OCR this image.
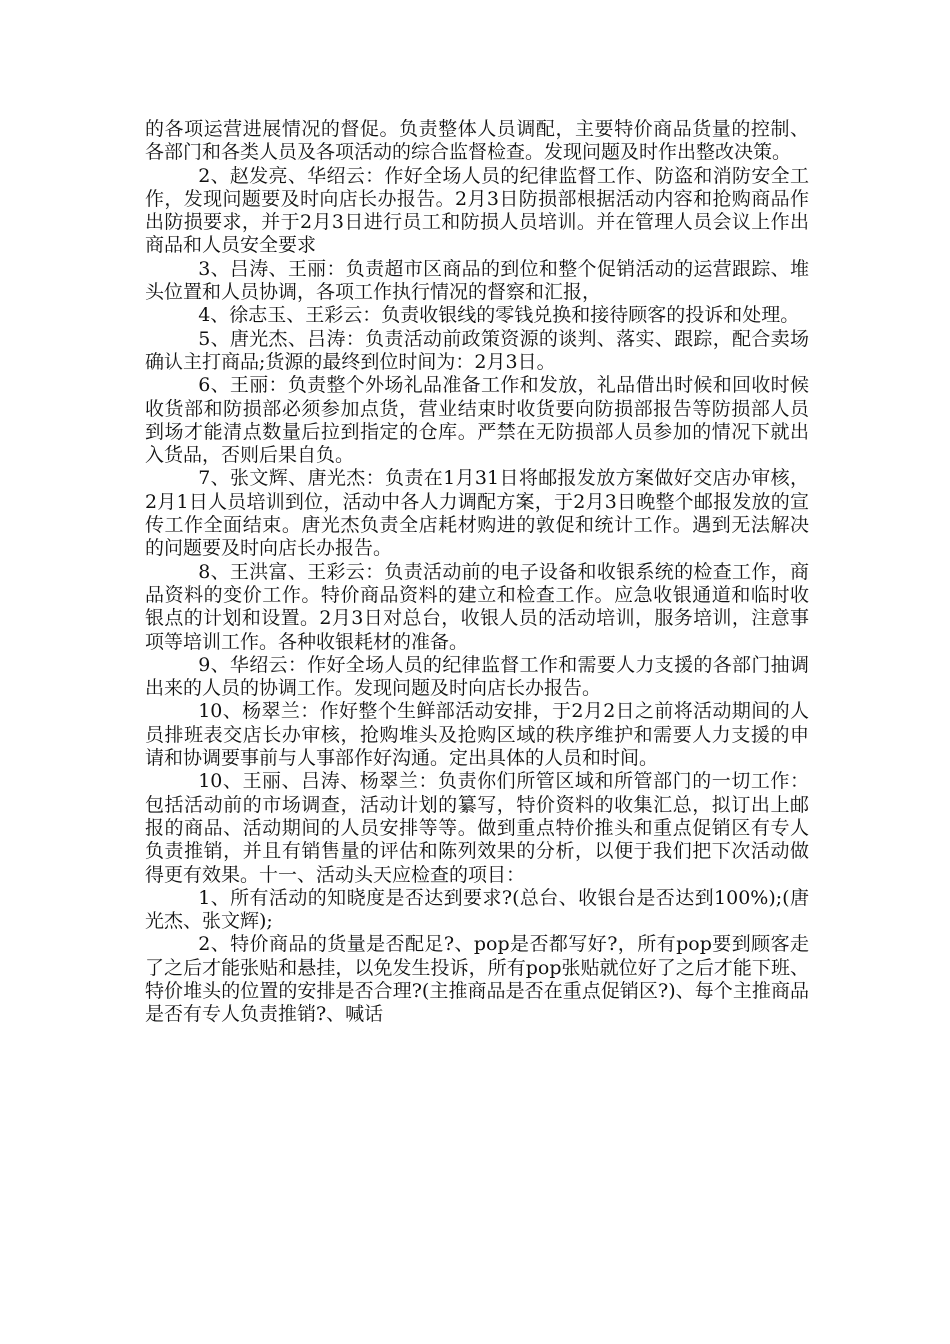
的各项运营进展情况的督促。负责整体人员调配，主要特价商品货量的控制、各部门和各类人员及各项活动的综合监督检查。发现问题及时作出整改决策。

2、赵发亮、华绍云：作好全场人员的纪律监督工作、防盗和消防安全工作，发现问题要及时向店长办报告。2月3日防损部根据活动内容和抢购商品作出防损要求，并于2月3日进行员工和防损人员培训。并在管理人员会议上作出商品和人员安全要求

3、吕涛、王丽：负责超市区商品的到位和整个促销活动的运营跟踪、堆头位置和人员协调，各项工作执行情况的督察和汇报，

4、徐志玉、王彩云：负责收银线的零钱兑换和接待顾客的投诉和处理。

5、唐光杰、吕涛：负责活动前政策资源的谈判、落实、跟踪，配合卖场确认主打商品;货源的最终到位时间为：2月3日。

6、王丽：负责整个外场礼品准备工作和发放，礼品借出时候和回收时候收货部和防损部必须参加点货，营业结束时收货要向防损部报告等防损部人员到场才能清点数量后拉到指定的仓库。严禁在无防损部人员参加的情况下就出入货品，否则后果自负。

7、张文辉、唐光杰：负责在1月31日将邮报发放方案做好交店办审核，2月1日人员培训到位，活动中各人力调配方案，于2月3日晚整个邮报发放的宣传工作全面结束。唐光杰负责全店耗材购进的敦促和统计工作。遇到无法解决的问题要及时向店长办报告。

8、王洪富、王彩云：负责活动前的电子设备和收银系统的检查工作，商品资料的变价工作。特价商品资料的建立和检查工作。应急收银通道和临时收银点的计划和设置。2月3日对总台，收银人员的活动培训，服务培训，注意事项等培训工作。各种收银耗材的准备。

9、华绍云：作好全场人员的纪律监督工作和需要人力支援的各部门抽调出来的人员的协调工作。发现问题及时向店长办报告。

10、杨翠兰：作好整个生鲜部活动安排，于2月2日之前将活动期间的人员排班表交店长办审核，抢购堆头及抢购区域的秩序维护和需要人力支援的申请和协调要事前与人事部作好沟通。定出具体的人员和时间。

10、王丽、吕涛、杨翠兰：负责你们所管区域和所管部门的一切工作：包括活动前的市场调查，活动计划的纂写，特价资料的收集汇总，拟订出上邮报的商品、活动期间的人员安排等等。做到重点特价推头和重点促销区有专人负责推销，并且有销售量的评估和陈列效果的分析，以便于我们把下次活动做得更有效果。十一、活动头天应检查的项目：

1、所有活动的知晓度是否达到要求?(总台、收银台是否达到100%);(唐光杰、张文辉);

2、特价商品的货量是否配足?、pop是否都写好?，所有pop要到顾客走了之后才能张贴和悬挂，以免发生投诉，所有pop张贴就位好了之后才能下班、特价堆头的位置的安排是否合理?(主推商品是否在重点促销区?)、每个主推商品是否有专人负责推销?、喊话
